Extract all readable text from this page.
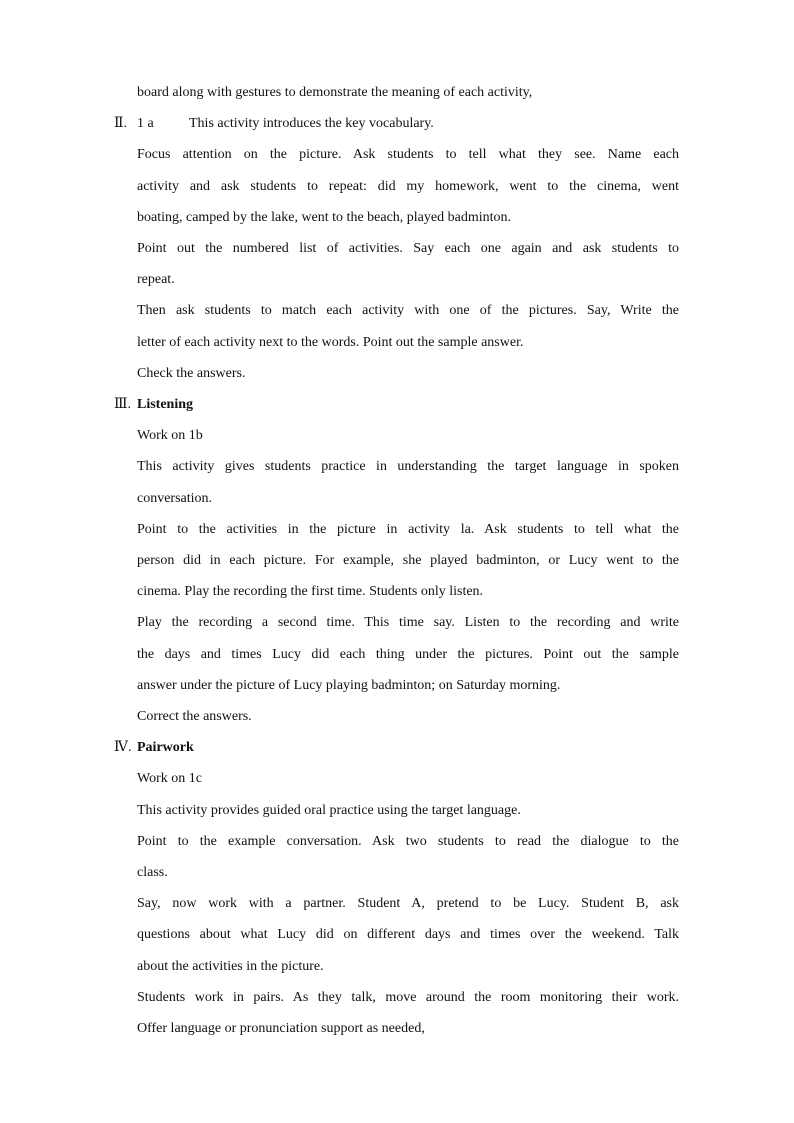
board along with gestures to demonstrate the meaning of each activity,
Ⅱ. 1 a	This activity introduces the key vocabulary.
Focus attention on the picture. Ask students to tell what they see. Name each
activity and ask students to repeat: did my homework, went to the cinema, went
boating, camped by the lake, went to the beach, played badminton.
Point out the numbered list of activities. Say each one again and ask students to
repeat.
Then ask students to match each activity with one of the pictures. Say, Write the
letter of each activity next to the words. Point out the sample answer.
Check the answers.
Ⅲ. Listening
Work on 1b
This activity gives students practice in understanding the target language in spoken
conversation.
Point to the activities in the picture in activity la. Ask students to tell what the
person did in each picture. For example, she played badminton, or Lucy went to the
cinema. Play the recording the first time. Students only listen.
Play the recording a second time. This time say. Listen to the recording and write
the days and times Lucy did each thing under the pictures. Point out the sample
answer under the picture of Lucy playing badminton; on Saturday morning.
Correct the answers.
Ⅳ. Pairwork
Work on 1c
This activity provides guided oral practice using the target language.
Point to the example conversation. Ask two students to read the dialogue to the
class.
Say, now work with a partner. Student A, pretend to be Lucy. Student B, ask
questions about what Lucy did on different days and times over the weekend. Talk
about the activities in the picture.
Students work in pairs. As they talk, move around the room monitoring their work.
Offer language or pronunciation support as needed,
